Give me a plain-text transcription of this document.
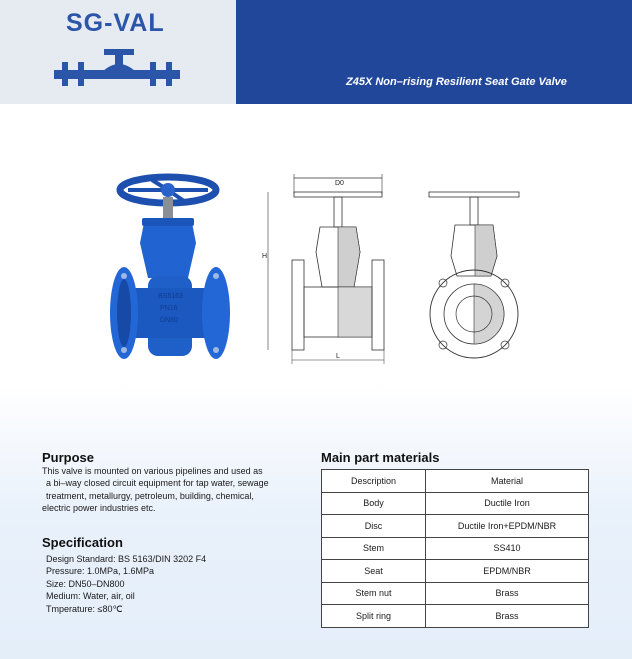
SG-VAL
Z45X Non–rising Resilient Seat Gate Valve
BS5163
PN16
DN80
D0
H
L
Purpose
This valve is mounted on various pipelines and used as
a bi–way closed circuit equipment for tap water, sewage
treatment, metallurgy, petroleum, building, chemical,
electric power industries etc.
Specification
Design Standard: BS 5163/DIN 3202 F4
Pressure: 1.0MPa, 1.6MPa
Size: DN50–DN800
Medium: Water, air, oil
Tmperature: ≤80℃
Main part materials
Description	Material
Body	Ductile Iron
Disc	Ductile Iron+EPDM/NBR
Stem	SS410
Seat	EPDM/NBR
Stem nut	Brass
Split ring	Brass
